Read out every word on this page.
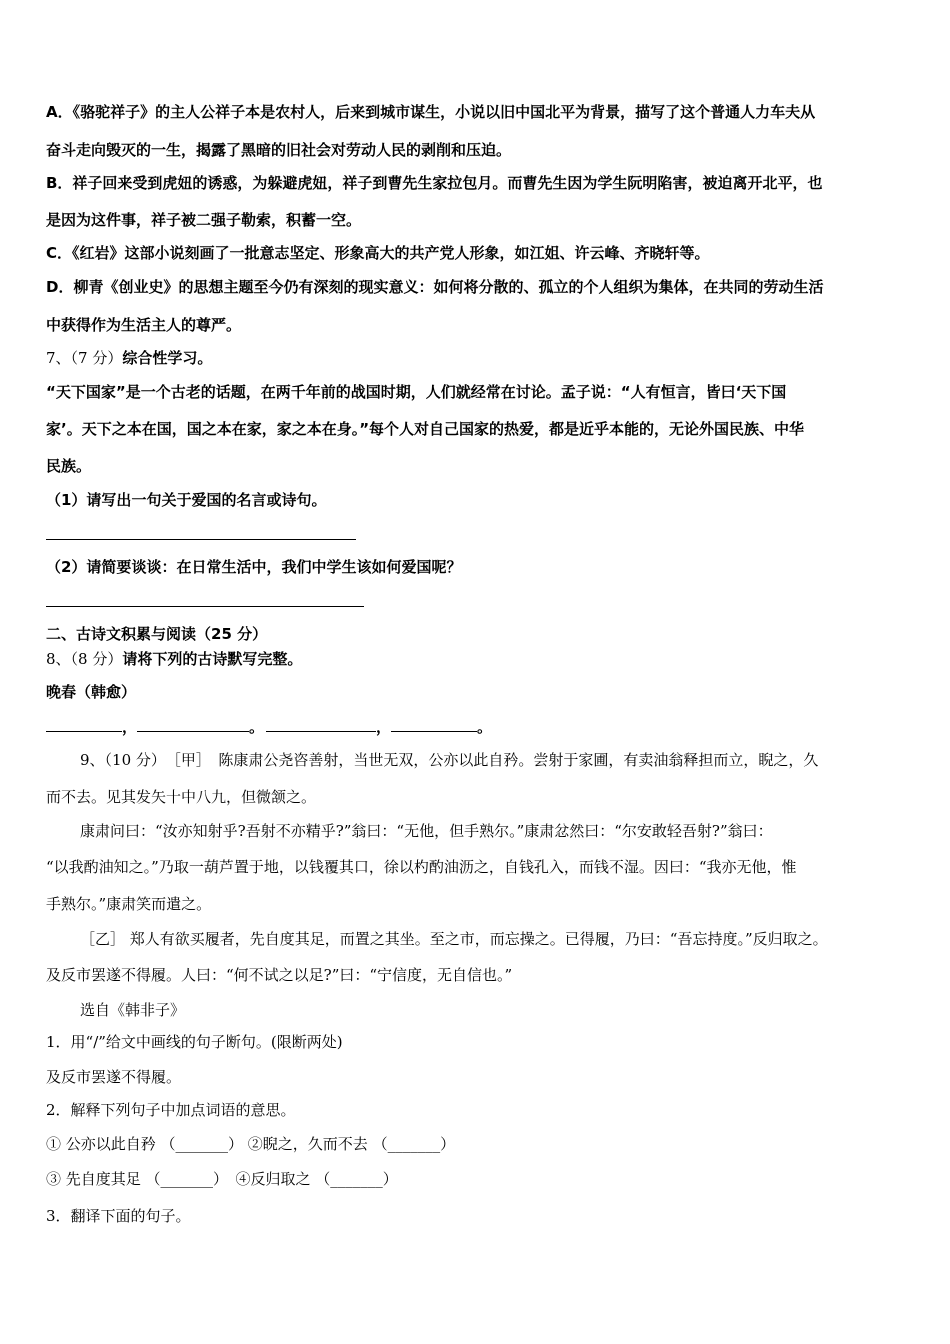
A．《骆驼祥子》的主人公祥子本是农村人，后来到城市谋生，小说以旧中国北平为背景，描写了这个普通人力车夫从
奋斗走向毁灭的一生，揭露了黑暗的旧社会对劳动人民的剥削和压迫。
B．祥子回来受到虎妞的诱惑，为躲避虎妞，祥子到曹先生家拉包月。而曹先生因为学生阮明陷害，被迫离开北平，也
是因为这件事，祥子被二强子勒索，积蓄一空。
C．《红岩》这部小说刻画了一批意志坚定、形象高大的共产党人形象，如江姐、许云峰、齐晓轩等。
D．柳青《创业史》的思想主题至今仍有深刻的现实意义：如何将分散的、孤立的个人组织为集体，在共同的劳动生活
中获得作为生活主人的尊严。
7、（7 分）综合性学习。
“天下国家”是一个古老的话题，在两千年前的战国时期，人们就经常在讨论。孟子说：“人有恒言，皆曰‘天下国
家’。天下之本在国，国之本在家，家之本在身。”每个人对自己国家的热爱，都是近乎本能的，无论外国民族、中华
民族。
（1）请写出一句关于爱国的名言或诗句。
（2）请简要谈谈：在日常生活中，我们中学生该如何爱国呢？
二、古诗文积累与阅读（25 分）
8、（8 分）请将下列的古诗默写完整。
晚春（韩愈）
，	。	，	。
9、（10 分）　［甲］　陈康肃公尧咨善射，当世无双，公亦以此自矜。尝射于家圃，有卖油翁释担而立，睨之，久
而不去。见其发矢十中八九，但微颔之。
康肃问曰：“汝亦知射乎?吾射不亦精乎?”翁曰：“无他，但手熟尔。”康肃忿然曰：“尔安敢轻吾射?”翁曰：
“以我酌油知之。”乃取一葫芦置于地，以钱覆其口，徐以杓酌油沥之，自钱孔入，而钱不湿。因曰：“我亦无他，惟
手熟尔。”康肃笑而遣之。
［乙］ 郑人有欲买履者，先自度其足，而置之其坐。至之市，而忘操之。已得履，乃曰：“吾忘持度。”反归取之。
及反市罢遂不得履。人曰：“何不试之以足?”曰：“宁信度，无自信也。”
选自《韩非子》
1．用“/”给文中画线的句子断句。(限断两处)
及反市罢遂不得履。
2．解释下列句子中加点词语的意思。
① 公亦以此自矜 （_______） ②睨之，久而不去 （_______）
③ 先自度其足 （_______）　④反归取之 （_______）
3．翻译下面的句子。
